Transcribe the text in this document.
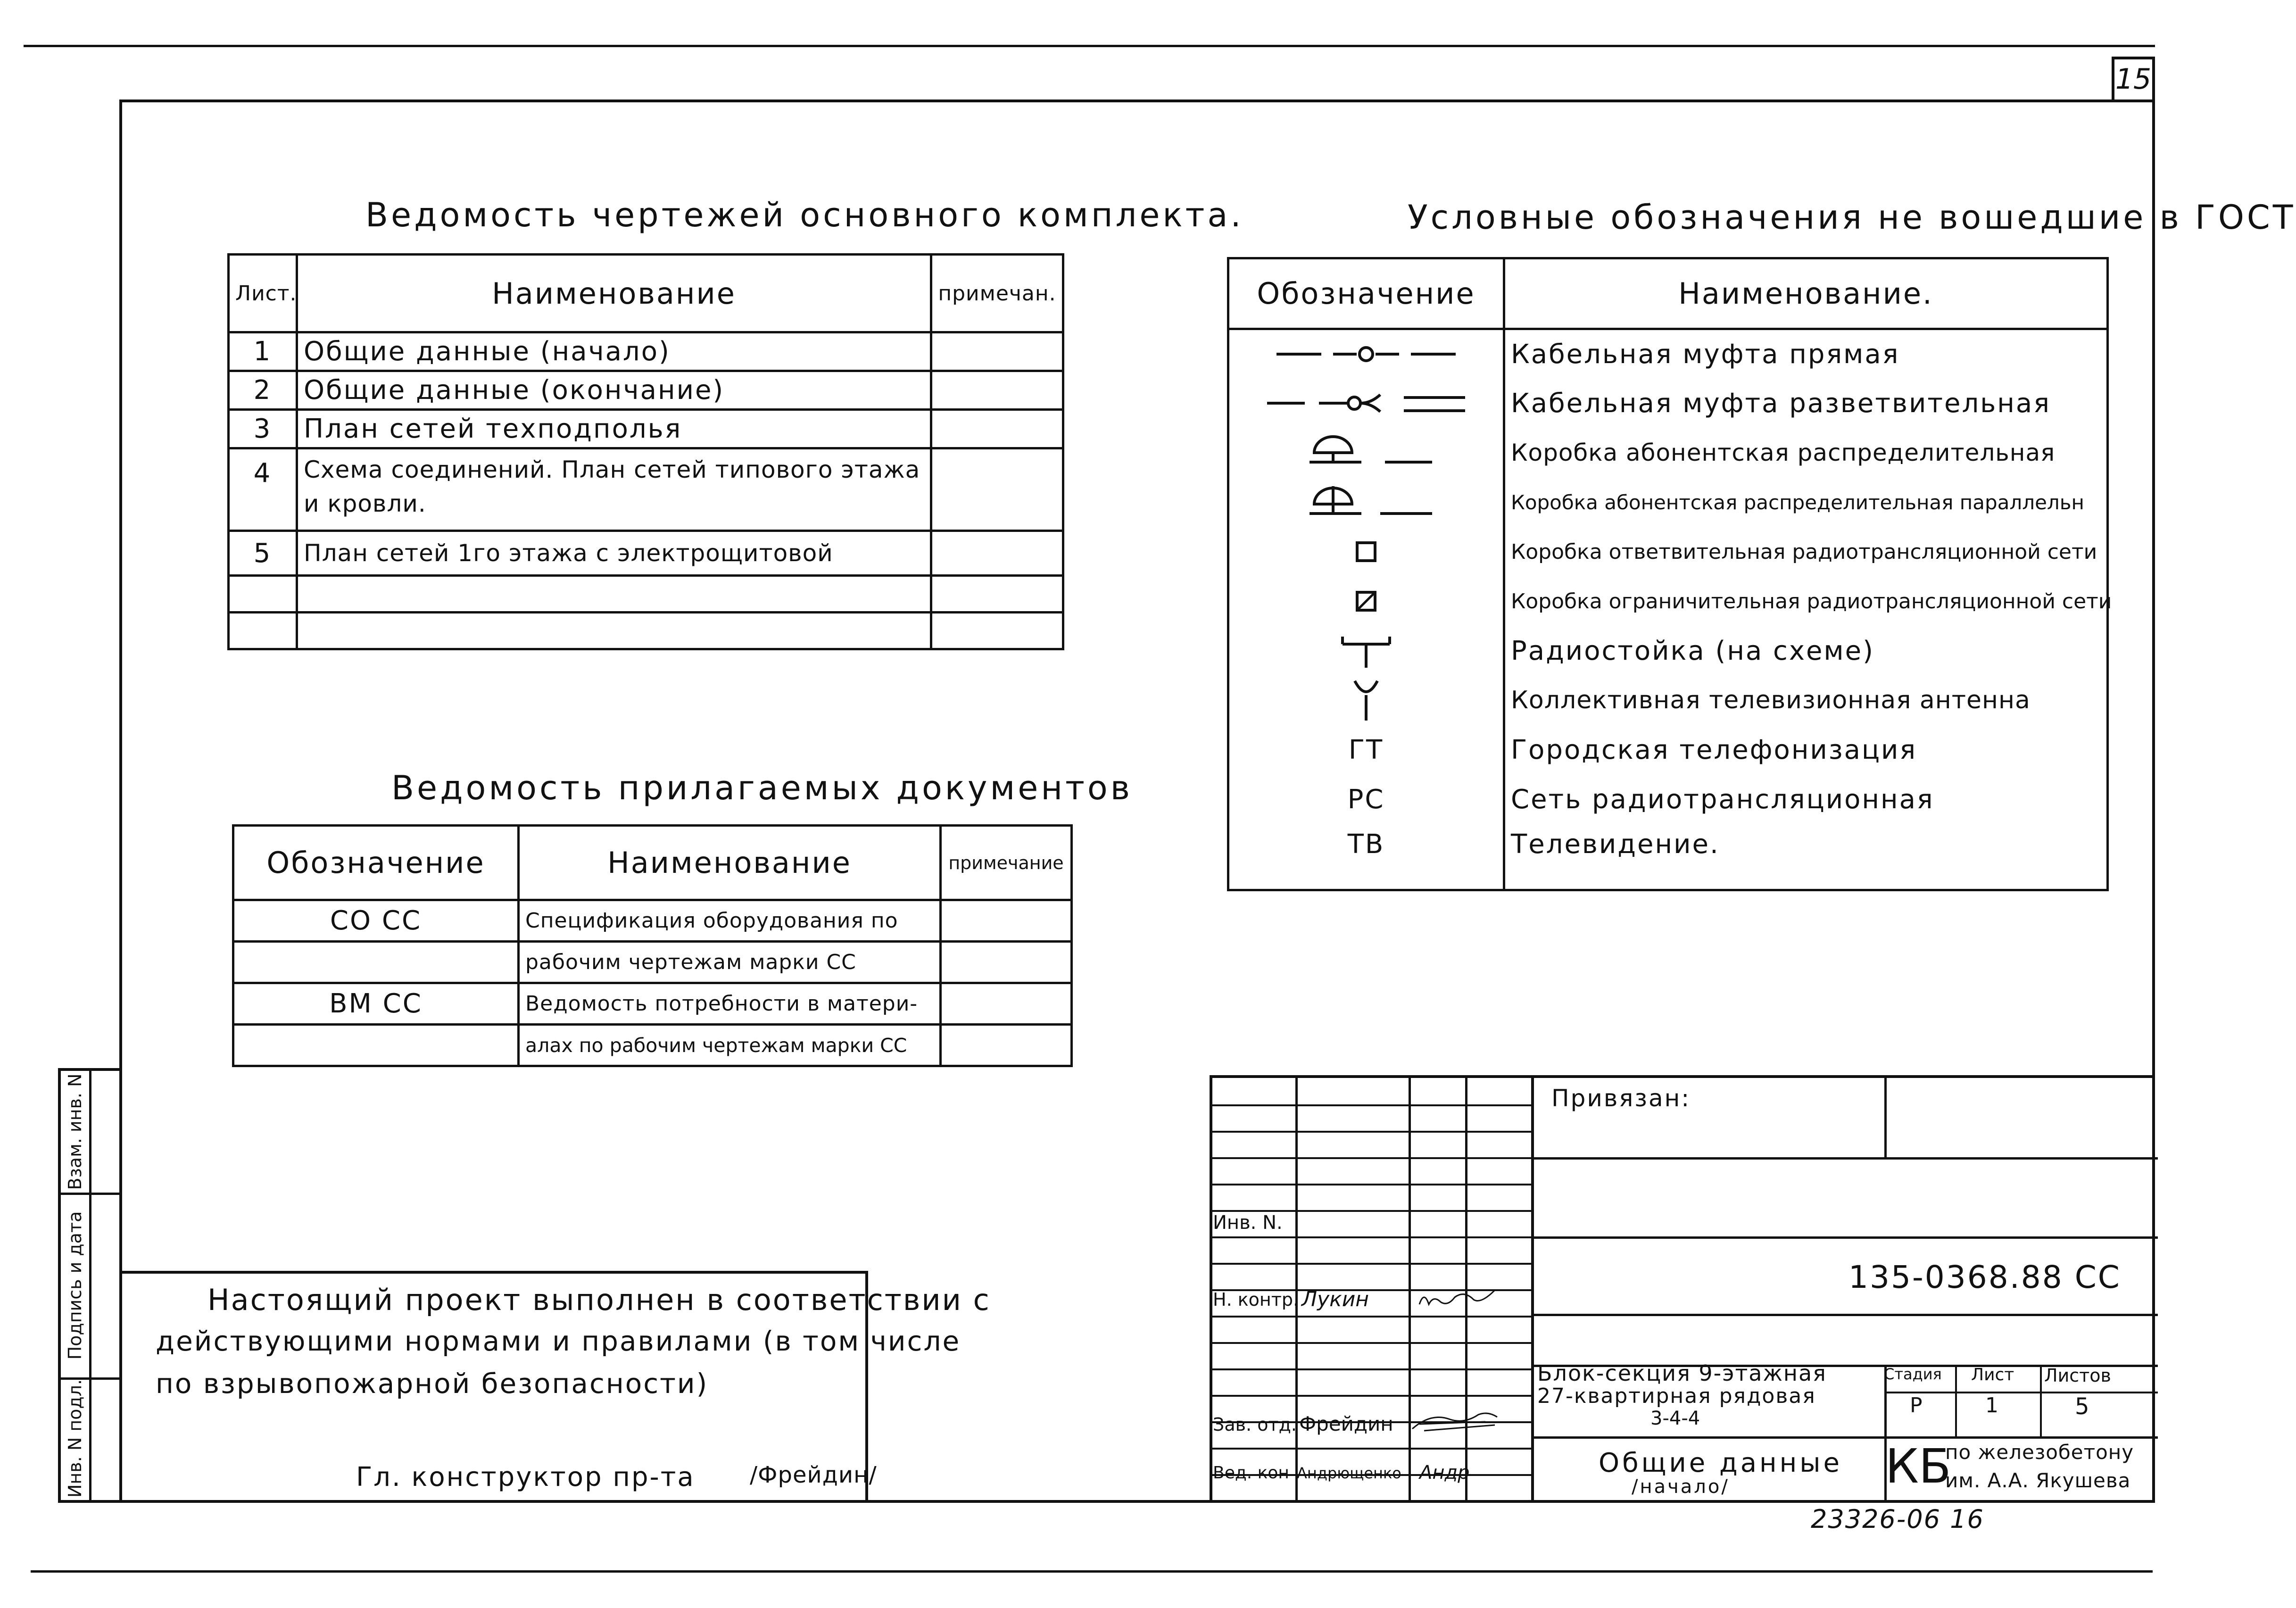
15
Ведомость чертежей основного комплекта.
Лист.	Наименование	примечан.
1	Общие данные (начало)	
2	Общие данные (окончание)	
3	План сетей техподполья	
4	Схема соединений. План сетей типового этажа
и кровли.	

5	План сетей 1го этажа с электрощитовой	

Ведомость прилагаемых документов
Обозначение	Наименование	примечание
СО СС	Спецификация оборудования по	
	рабочим чертежам марки СС	
ВМ СС	Ведомость потребности в матери-	
	алах по рабочим чертежам марки СС	
Условные обозначения не вошедшие в ГОСТ
Обозначение	Наименование.

	Кабельная муфта прямая

	Кабельная муфта разветвительная

	Коробка абонентская распределительная

	Коробка абонентская распределительная параллельн

	Коробка ответвительная радиотрансляционной сети

	Коробка ограничительная радиотрансляционной сети

	Радиостойка (на схеме)

	Коллективная телевизионная антенна
ГТ	Городская телефонизация
РС	Сеть радиотрансляционная
ТВ	Телевидение.
Инв. N подл.
Подпись и дата
Взам. инв. N
Настоящий проект выполнен в соответствии с
действующими нормами и правилами (в том числе
по взрывопожарной безопасности)
Гл. конструктор пр-та /Фрейдин/
Привязан:
Инв. N.
135-0368.88 СС
Н. контр. Лукин
Зав. отд. Фрейдин
Вед. кон Андрющенко Андр
Блок-секция 9-этажная
27-квартирная рядовая
3-4-4
Общие данные
/начало/
Стадия Лист Листов
Р	1	5
КБ
по железобетону
им. А.А. Якушева
23326-06 16
